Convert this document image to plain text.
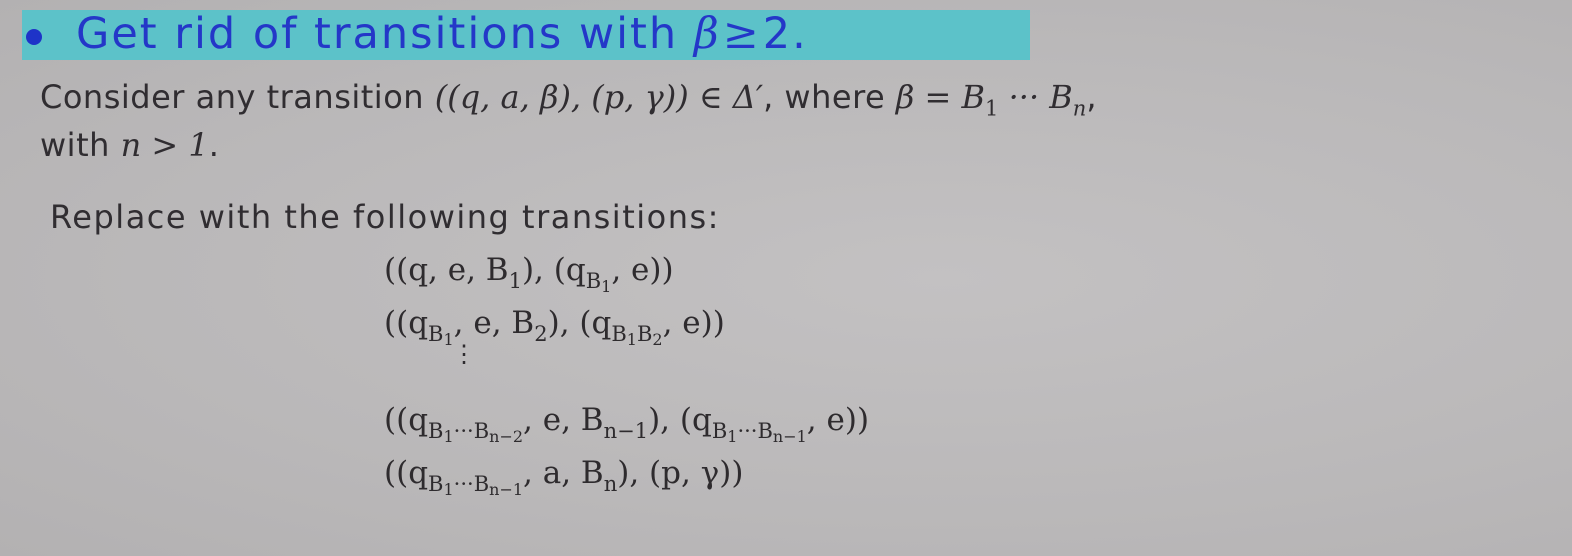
Get rid of transitions with β≥2.
Consider any transition ((q, a, β), (p, γ)) ∈ Δ′, where $\beta = B_1$ ··· $B_n$,
with n > 1.
Replace with the following transitions:
((q, e, $B_1$), ($q_{B_1}$, e))
(($q_{B_1}$, e, $B_2$), ($q_{B_1B_2}$, e))
⋮
(($q_{B_1\cdot\cdot\cdot B_{n-2}}$, e, $B_{n-1}$), ($q_{B_1\cdot\cdot\cdot B_{n-1}}$, e))
(($q_{B_1\cdot\cdot\cdot B_{n-1}}$, a, $B_n$), (p, γ))
